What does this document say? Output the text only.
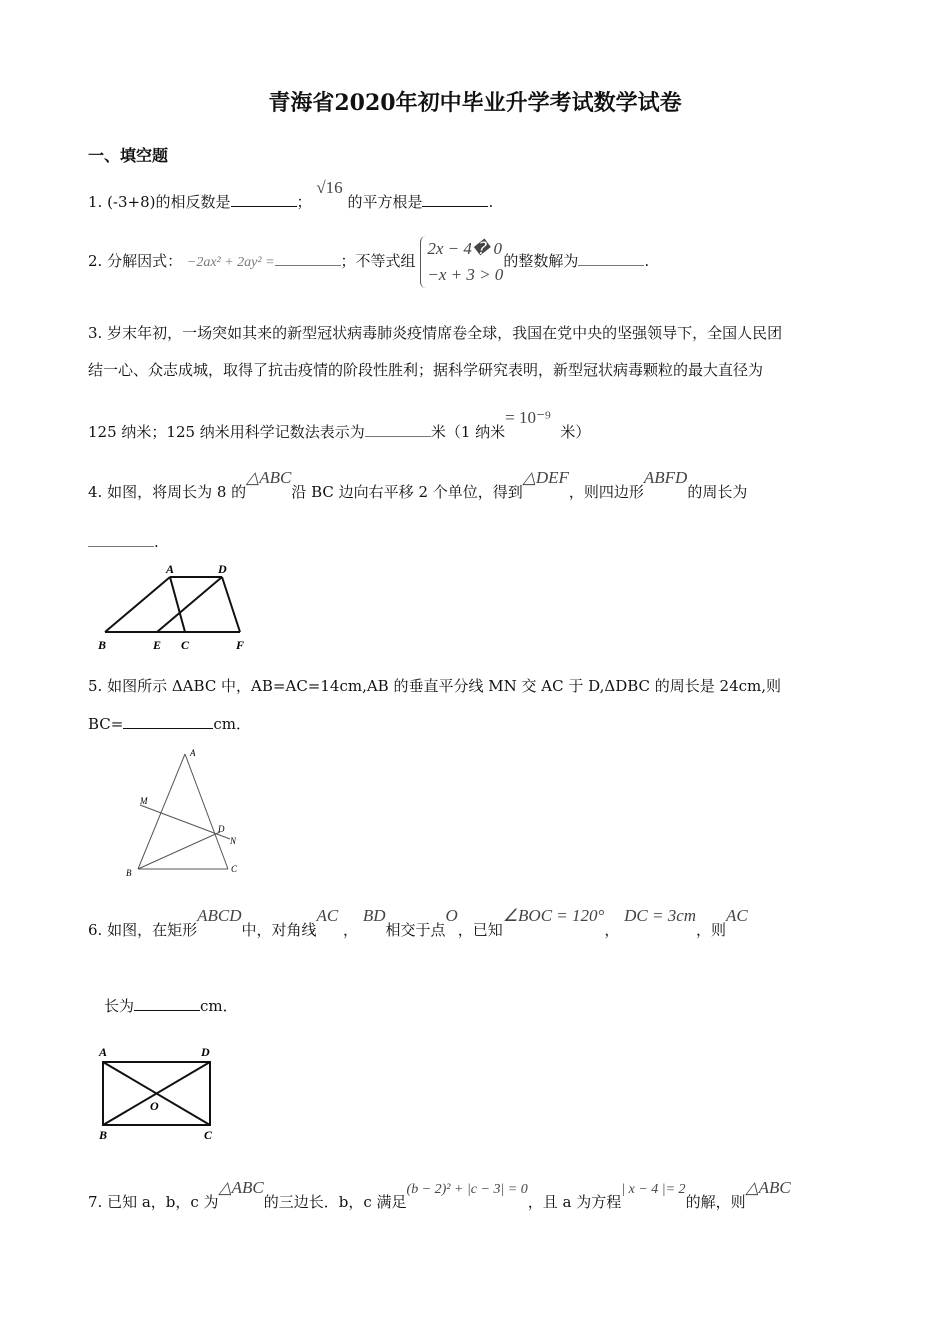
青海省2020年初中毕业升学考试数学试卷
一、填空题
1. (-3+8)的相反数是	； √16 的平方根是	.
2. 分解因式： −2ax² + 2ay² =	；不等式组 2x − 4� 0
−x + 3 > 0的整数解为	.
3. 岁末年初，一场突如其来的新型冠状病毒肺炎疫情席卷全球，我国在党中央的坚强领导下，全国人民团
结一心、众志成城，取得了抗击疫情的阶段性胜利；据科学研究表明，新型冠状病毒颗粒的最大直径为
125 纳米；125 纳米用科学记数法表示为	米（1 纳米= 10⁻⁹  米）
4. 如图，将周长为 8 的△ABC沿 BC 边向右平移 2 个单位，得到△DEF，则四边形ABFD的周长为
.
A	D
B	E C	F
5. 如图所示 ΔABC 中，AB=AC=14cm,AB 的垂直平分线 MN 交 AC 于 D,ΔDBC 的周长是 24cm,则
BC=	cm．
A
M
D
N
B	C
6. 如图，在矩形ABCD中，对角线AC ， BD相交于点O，已知∠BOC = 120°， DC = 3cm，则AC
长为	cm．
A	D
B	C
O
7. 已知 a，b，c 为△ABC的三边长．b，c 满足(b − 2)² + |c − 3| = 0，且 a 为方程| x − 4 |= 2的解，则△ABC
